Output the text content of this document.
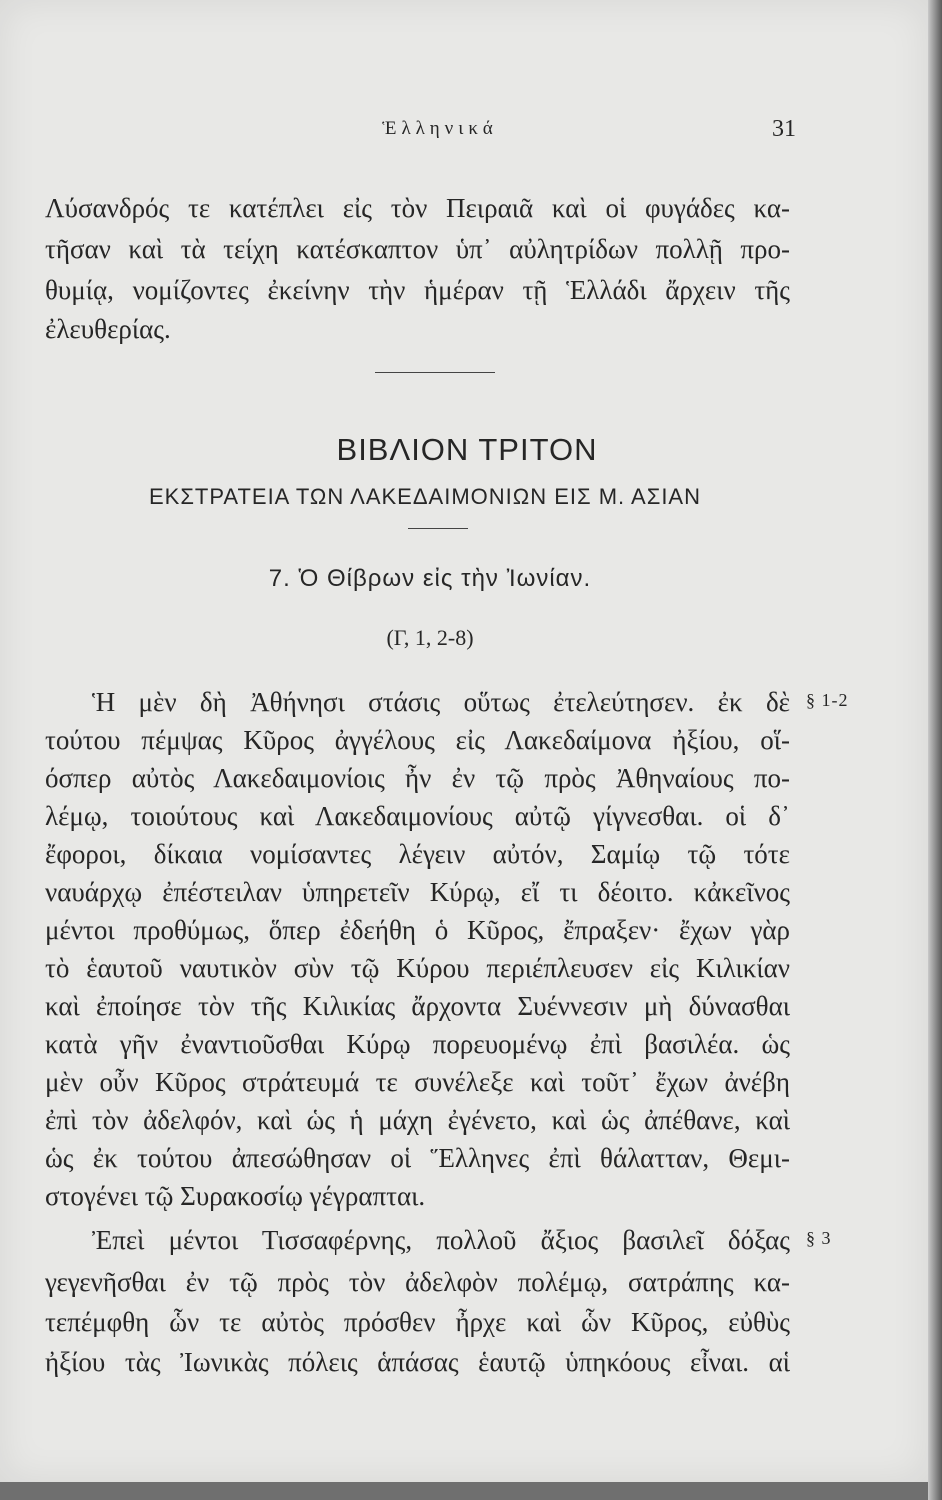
Ἑλληνικά	31
Λύσανδρός τε κατέπλει εἰς τὸν Πειραιᾶ καὶ οἱ φυγάδες κα-
τῆσαν καὶ τὰ τείχη κατέσκαπτον ὑπ᾽ αὐλητρίδων πολλῇ προ-
θυμίᾳ, νομίζοντες ἐκείνην τὴν ἡμέραν τῇ Ἑλλάδι ἄρχειν τῆς
ἐλευθερίας.
ΒΙΒΛΙΟΝ ΤΡΙΤΟΝ
ΕΚΣΤΡΑΤΕΙΑ ΤΩΝ ΛΑΚΕΔΑΙΜΟΝΙΩΝ ΕΙΣ Μ. ΑΣΙΑΝ
7. Ὁ Θίβρων εἰς τὴν Ἰωνίαν.
(Γ, 1, 2-8)
Ἡ μὲν δὴ Ἀθήνησι στάσις οὕτως ἐτελεύτησεν. ἐκ δὲ § 1-2
τούτου πέμψας Κῦρος ἀγγέλους εἰς Λακεδαίμονα ἠξίου, οἵ-
όσπερ αὐτὸς Λακεδαιμονίοις ἦν ἐν τῷ πρὸς Ἀθηναίους πο-
λέμῳ, τοιούτους καὶ Λακεδαιμονίους αὐτῷ γίγνεσθαι. οἱ δ᾽
ἔφοροι, δίκαια νομίσαντες λέγειν αὐτόν, Σαμίῳ τῷ τότε
ναυάρχῳ ἐπέστειλαν ὑπηρετεῖν Κύρῳ, εἴ τι δέοιτο. κἀκεῖνος
μέντοι προθύμως, ὅπερ ἐδεήθη ὁ Κῦρος, ἔπραξεν· ἔχων γὰρ
τὸ ἑαυτοῦ ναυτικὸν σὺν τῷ Κύρου περιέπλευσεν εἰς Κιλικίαν
καὶ ἐποίησε τὸν τῆς Κιλικίας ἄρχοντα Συέννεσιν μὴ δύνασθαι
κατὰ γῆν ἐναντιοῦσθαι Κύρῳ πορευομένῳ ἐπὶ βασιλέα. ὡς
μὲν οὖν Κῦρος στράτευμά τε συνέλεξε καὶ τοῦτ᾽ ἔχων ἀνέβη
ἐπὶ τὸν ἀδελφόν, καὶ ὡς ἡ μάχη ἐγένετο, καὶ ὡς ἀπέθανε, καὶ
ὡς ἐκ τούτου ἀπεσώθησαν οἱ Ἕλληνες ἐπὶ θάλατταν, Θεμι-
στογένει τῷ Συρακοσίῳ γέγραπται.
Ἐπεὶ μέντοι Τισσαφέρνης, πολλοῦ ἄξιος βασιλεῖ δόξας § 3
γεγενῆσθαι ἐν τῷ πρὸς τὸν ἀδελφὸν πολέμῳ, σατράπης κα-
τεπέμφθη ὧν τε αὐτὸς πρόσθεν ἦρχε καὶ ὧν Κῦρος, εὐθὺς
ἠξίου τὰς Ἰωνικὰς πόλεις ἁπάσας ἑαυτῷ ὑπηκόους εἶναι. αἱ
